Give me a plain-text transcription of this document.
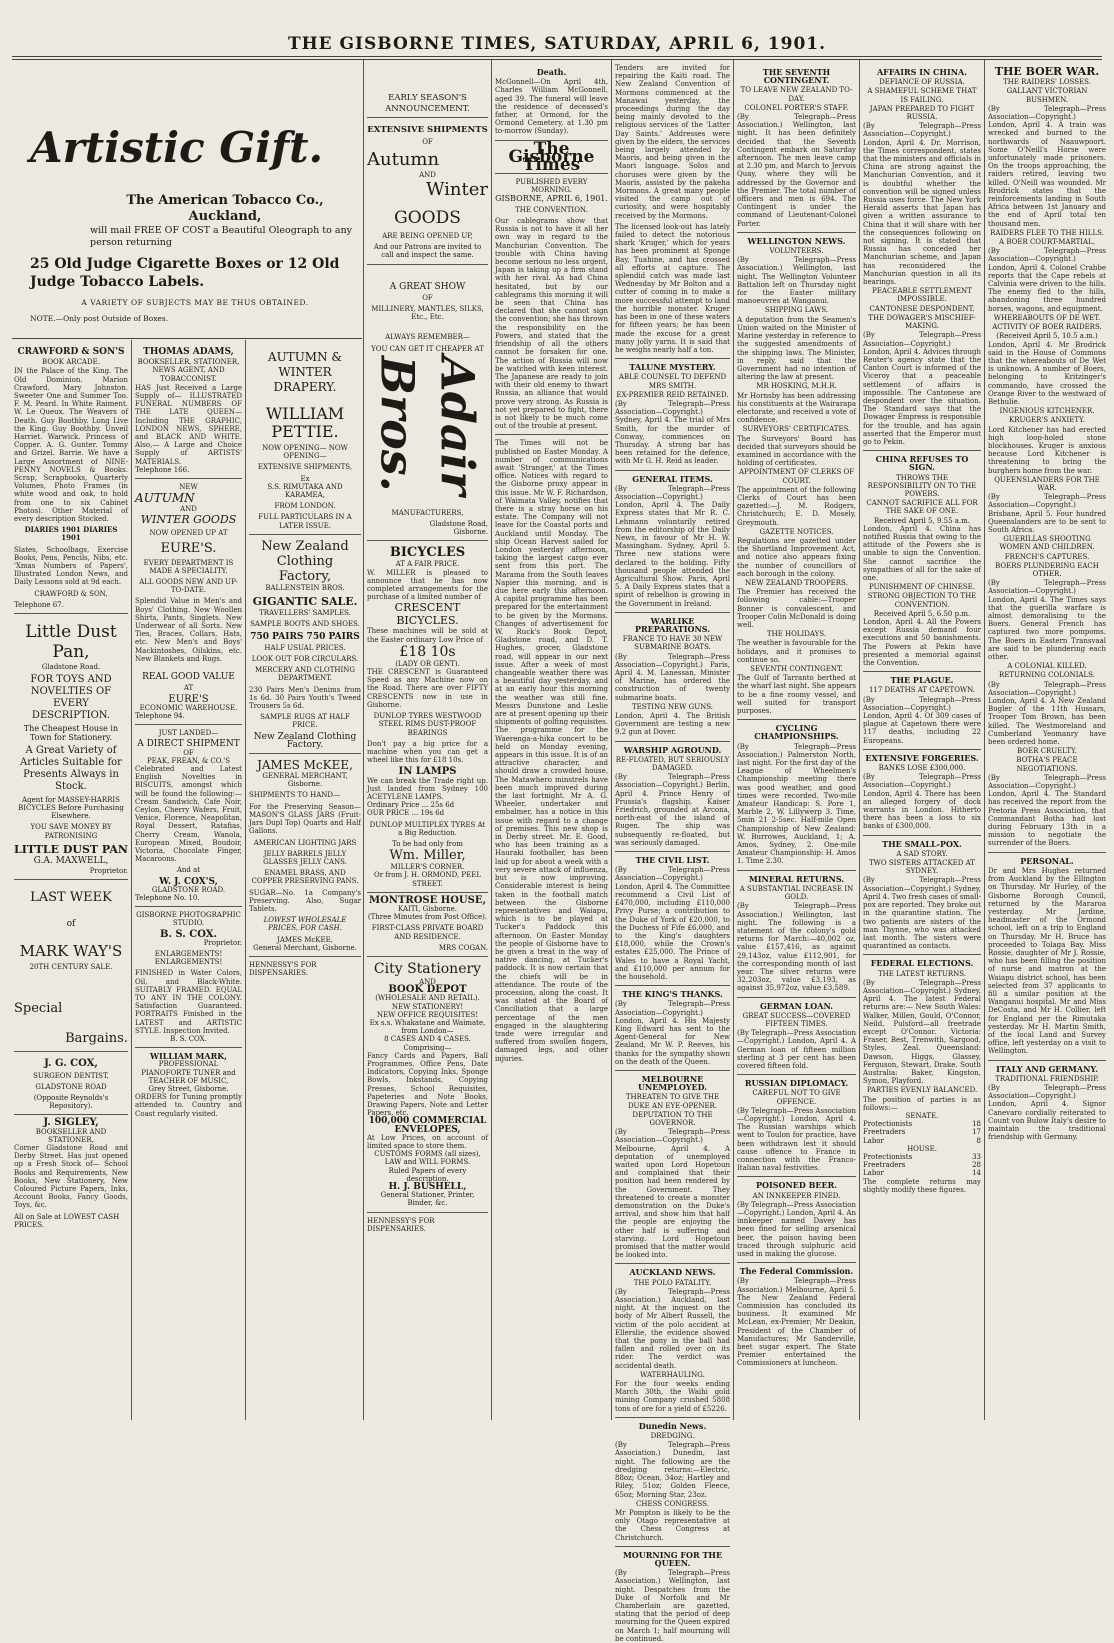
THE GISBORNE TIMES, SATURDAY, APRIL 6, 1901.
Artistic Gift.
The American Tobacco Co., Auckland,
will mail FREE OF COST a Beautiful Oleograph to any person returning
25 Old Judge Cigarette Boxes or 12 Old Judge Tobacco Labels.
A VARIETY OF SUBJECTS MAY BE THUS OBTAINED.
NOTE.—Only post Outside of Boxes.
CRAWFORD & SON'S
BOOK ARCADE.
IN the Palace of the King. The Old Dominion. Marion Crawford. Mary Johnston. Sweeter One and Summer Too. F. M. Peard. In White Raiment. W. Le Queux. The Weavers of Death. Guy Boothby. Long Live the King. Guy Boothby. Unveil Harriet. Warwick. Princess of Copper. A. G. Gunter. Tommy and Grizel. Barrie. We have a Large Assortment of NINE-PENNY NOVELS & Books. Scrap, Scrapbooks, Quarterly Volumes, Photo Frames (in white wood and oak, to hold from one to six Cabinet Photos). Other Material of every description Stocked.
DIARIES 1901 DIARIES 1901
Slates, Schoolbags, Exercise Books, Pens, Pencils, Nibs, etc. 'Xmas Numbers of Papers', Illustrated London News, and Daily Lessons sold at 9d each.
CRAWFORD & SON,
Telephone 67.
Little Dust Pan,
Gladstone Road.
FOR TOYS AND NOVELTIES OF EVERY DESCRIPTION.
The Cheapest House in Town for Stationery.
A Great Variety of Articles Suitable for Presents Always in Stock.
Agent for MASSEY-HARRIS BICYCLES Before Purchasing Elsewhere.
YOU SAVE MONEY BY PATRONISING
LITTLE DUST PAN
G.A. MAXWELL,
Proprietor.
LAST WEEK
of
MARK WAY'S
20TH CENTURY SALE.
Special
Bargains.
J. G. COX,
SURGEON DENTIST,
GLADSTONE ROAD
(Opposite Reynolds's Repository).
J. SIGLEY,
BOOKSELLER AND STATIONER,
Corner Gladstone Road and Derby Street. Has just opened up a Fresh Stock of— School Books and Requirements, New Books, New Stationery, New Coloured Picture Papers, Inks, Account Books, Fancy Goods, Toys, &c.
All on Sale at LOWEST CASH PRICES.
THOMAS ADAMS,
BOOKSELLER, STATIONER, NEWS AGENT, AND TOBACCONIST.
HAS Just Received a Large Supply of— ILLUSTRATED FUNERAL NUMBERS OF THE LATE QUEEN— Including THE GRAPHIC, LONDON NEWS, SPHERE, and BLACK AND WHITE. Also,— A Large and Choice Supply of ARTISTS' MATERIALS.
Telephone 166.
NEW
AUTUMN
AND
WINTER GOODS
NOW OPENED UP AT
EURE'S.
EVERY DEPARTMENT IS MADE A SPECIALITY.
ALL GOODS NEW AND UP-TO-DATE.
Splendid Value in Men's and Boys' Clothing. New Woollen Shirts, Pants, Singlets. New Underwear of all Sorts. New Ties, Braces, Collars, Hats, etc. New Men's and Boys' Mackintoshes, Oilskins, etc. New Blankets and Rugs.
REAL GOOD VALUE
AT
EURE'S
ECONOMIC WAREHOUSE.
Telephone 94.
JUST LANDED—
A DIRECT SHIPMENT
OF
PEAK, FREAN, & CO.'S
Celebrated and Latest English Novelties in BISCUITS, amongst which will be found the following:— Cream Sandwich, Cafe Noir, Ceylon, Cherry Wafers, Fruit, Venice, Florence, Neapolitan, Royal Dessert, Ratafias, Cherry Cream, Wanola, European Mixed, Boudoir, Victoria, Chocolate Finger, Macaroons.
And at
W. J. COX'S,
GLADSTONE ROAD.
Telephone No. 10.
GISBORNE PHOTOGRAPHIC STUDIO.
B. S. COX.
Proprietor.
ENLARGEMENTS! ENLARGEMENTS!
FINISHED in Water Colors, Oil, and Black-White. SUITABLY FRAMED. EQUAL TO ANY IN THE COLONY. Satisfaction Guaranteed. PORTRAITS Finished in the LATEST and ARTISTIC STYLE. Inspection Invited.
B. S. COX.
WILLIAM MARK,
PROFESSIONAL PIANOFORTE TUNER and TEACHER OF MUSIC,
Grey Street, Gisborne.
ORDERS for Tuning promptly attended to. Country and Coast regularly visited.
AUTUMN & WINTER DRAPERY.
WILLIAM
PETTIE.
NOW OPENING— NOW OPENING—
EXTENSIVE SHIPMENTS,
Ex
S.S. RIMUTAKA AND KARAMEA,
FROM LONDON.
FULL PARTICULARS IN A LATER ISSUE.
New Zealand Clothing Factory,
BALLENSTEIN BROS.
GIGANTIC SALE.
TRAVELLERS' SAMPLES.
SAMPLE BOOTS AND SHOES.
750 PAIRS 750 PAIRS
HALF USUAL PRICES.
LOOK OUT FOR CIRCULARS.
MERCERY AND CLOTHING DEPARTMENT.
230 Pairs Men's Denims from 1s 6d. 30 Pairs Youth's Tweed Trousers 5s 6d.
SAMPLE RUGS AT HALF PRICE.
New Zealand Clothing Factory.
JAMES McKEE,
GENERAL MERCHANT,
Gisborne.
SHIPMENTS TO HAND—
For the Preserving Season— MASON'S GLASS JARS (Fruit-Jars Dupl Top) Quarts and Half Gallons.
AMERICAN LIGHTING JARS
JELLY BARRELS JELLY GLASSES JELLY CANS.
ENAMEL BRASS, AND COPPER PRESERVING PANS.
SUGAR—No. 1a Company's Preserving. Also, Sugar Tablets.
LOWEST WHOLESALE PRICES, FOR CASH.
JAMES McKEE,
General Merchant, Gisborne.
HENNESSY'S FOR DISPENSARIES.
EARLY SEASON'S
ANNOUNCEMENT.
EXTENSIVE SHIPMENTS
OF
Autumn
AND
Winter
GOODS
ARE BEING OPENED UP,
And our Patrons are invited to call and inspect the same.
A GREAT SHOW
OF
MILLINERY, MANTLES, SILKS, Etc., Etc.
ALWAYS REMEMBER—
YOU CAN GET IT CHEAPER AT
Adair Bros.
MANUFACTURERS,
Gladstone Road,
Gisborne.
BICYCLES
AT A FAIR PRICE.
W. MILLER is pleased to announce that he has now completed arrangements for the purchase of a limited number of
CRESCENT BICYCLES.
These machines will be sold at the Easter ordinary Low Price of
£18 10s
(LADY OR GENT).
THE CRESCENT is Guaranteed Speed as any Machine now on the Road. There are over FIFTY CRESCENTS now in use in Gisborne.
DUNLOP TYRES WESTWOOD STEEL RIMS DUST-PROOF BEARINGS
Don't pay a big price for a machine when you can get a wheel like this for £18 10s.
IN LAMPS
We can break the Trade right up. Just landed from Sydney 100 ACETYLENE LAMPS.
Ordinary Price ... 25s 6d
OUR PRICE ... 19s 6d
DUNLOP MULTIPLEX TYRES At a Big Reduction.
To be had only from
Wm. Miller,
MILLER'S CORNER.
Or from J. H. ORMOND, PEEL STREET.
MONTROSE HOUSE,
KAITI, Gisborne.
(Three Minutes from Post Office).
FIRST-CLASS PRIVATE BOARD AND RESIDENCE.
MRS COGAN.
City Stationery
AND
BOOK DEPOT
(WHOLESALE AND RETAIL).
NEW STATIONERY!
NEW OFFICE REQUISITES!
Ex s.s. Whakatane and Waimate, from London—
8 CASES AND 4 CASES.
Comprising—
Fancy Cards and Papers, Ball Programmes, Office Pens, Date Indicators, Copying Inks, Sponge Bowls, Inkstands, Copying Presses, School Requisites, Papeteries and Note Books, Drawing Papers, Note and Letter Papers, etc.
100,000 COMMERCIAL ENVELOPES,
At Low Prices, on account of limited space to store them.
CUSTOMS FORMS (all sizes), LAW and WILL FORMS.
Ruled Papers of every description.
H. J. BUSHELL,
General Stationer, Printer, Binder, &c.
HENNESSY'S FOR DISPENSARIES.
Death.
McGonnell—On April 4th, Charles William McGonnell, aged 39. The funeral will leave the residence of deceased's father, at Ormond, for the Ormond Cemetery, at 1.30 pm to-morrow (Sunday).
The Gisborne Times
PUBLISHED EVERY MORNING.
GISBORNE, APRIL 6, 1901.
THE CONVENTION.
Our cablegrams show that Russia is not to have it all her own way in regard to the Manchurian Convention. The trouble with China having become serious no less urgent, Japan is taking up a firm stand with her rival. As had China hesitated, but by our cablegrams this morning it will be seen that China has declared that she cannot sign the convention; she has thrown the responsibility on the Powers, and stated that the friendship of all the others cannot be forsaken for one. The action of Russia will now be watched with keen interest. The Japanese are ready to join with their old enemy to thwart Russia, an alliance that would prove very strong. As Russia is not yet prepared to fight, there is not likely to be much come out of the trouble at present.
The Times will not be published on Easter Monday. A number of communications await 'Stranger,' at the Times office. Notices with regard to the Gisborne proxy appear in this issue. Mr W. F. Richardson, of Waimata Valley, notifies that there is a stray horse on his estate. The Company will not leave for the Coastal ports and Auckland until Monday. The ship Ocean Harvest sailed for London yesterday afternoon, taking the largest cargo ever sent from this port. The Marama from the South leaves Napier this morning, and is due here early this afternoon. A capital programme has been prepared for the entertainment to be given by the Mormons. Changes of advertisement for W. Ruck's Book Depot, Gladstone road, and D. T. Hughes, grocer, Gladstone road, will appear in our next issue. After a week of most changeable weather there was a beautiful day yesterday, and at an early hour this morning the weather was still fine. Messrs Dunstone and Leslie are at present opening up their shipments of golfing requisites. The programme for the Waerenga-a-hika concert to be held on Monday evening, appears in this issue. It is of an attractive character, and should draw a crowded house. The Matawhero minstrels have been much improved during the last fortnight. Mr A. G. Wheeler, undertaker and embalmer, has a notice in this issue with regard to a change of premises. This new shop is in Derby street. Mr. E. Good, who has been training as a Hauraki footballer, has been laid up for about a week with a very severe attack of influenza, but is now improving. Considerable interest is being taken in the football match between the Gisborne representatives and Waiapu, which is to be played at Tucker's Paddock this afternoon. On Easter Monday the people of Gisborne have to be given a treat in the way of native dancing, at Tucker's paddock. It is now certain that the chiefs will be in attendance. The route of the procession, along the coast. It was stated at the Board of Conciliation that a large percentage of the men engaged in the slaughtering trade were irregular and suffered from swollen fingers, damaged legs, and other injuries.
Tenders are invited for repairing the Kaiti road. The New Zealand Convention of Mormons commenced at the Manawai yesterday, the proceedings during the day being mainly devoted to the religious services of the 'Latter Day Saints.' Addresses were given by the elders, the services being largely attended by Maoris, and being given in the Maori language. Solos and choruses were given by the Maoris, assisted by the pakeha Mormons. A great many people visited the camp out of curiosity, and were hospitably received by the Mormons.
The licensed look-out has lately failed to detect the notorious shark 'Kruger,' which for years has been prominent at Sponge Bay, Tuahine, and has crossed all efforts at capture. The splendid catch was made last Wednesday by Mr Bolton and a cutter of coming in to make a more successful attempt to land the horrible monster. Kruger has been in one of these waters for fifteen years; he has been made the excuse for a great many jolly yarns. It is said that he weighs nearly half a ton.
TALUNE MYSTERY.
ABLE COUNSEL TO DEFEND MRS SMITH.
EX-PREMIER REID RETAINED.
(By Telegraph—Press Association—Copyright.) Sydney, April 4. The trial of Mrs Smith, for the murder of Conway, commences on Thursday. A strong bar has been retained for the defence, with Mr G. H. Reid as leader.
GENERAL ITEMS.
(By Telegraph—Press Association—Copyright.) London, April 4. The Daily Express states that Mr R. C. Lehmann voluntarily retired from the editorship of the Daily News, in favour of Mr H. W. Massingham. Sydney, April 5. Three new stations were declared to the holding. Fifty thousand people attended the Agricultural Show. Paris, April 5. A Daily Express states that a spirit of rebellion is growing in the Government in Ireland.
WARLIKE PREPARATIONS.
FRANCE TO HAVE 30 NEW SUBMARINE BOATS.
(By Telegraph—Press Association—Copyright.) Paris, April 4. M. Lanessan, Minister of Marine, has ordered the construction of twenty submarine boats.
TESTING NEW GUNS.
London, April 4. The British Government are testing a new 9.2 gun at Dover.
WARSHIP AGROUND.
RE-FLOATED, BUT SERIOUSLY DAMAGED.
(By Telegraph—Press Association—Copyright.) Berlin, April 4. Prince Henry of Prussia's flagship, Kaiser Friedrich, grounded at Arcona, north-east of the island of Rugen. The ship was subsequently re-floated, but was seriously damaged.
THE CIVIL LIST.
(By Telegraph—Press Association—Copyright.) London, April 4. The Committee recommend a Civil List of £470,000, including £110,000 Privy Purse; a contribution to the Duke of York of £20,000, to the Duchess of Fife £6,000, and to the King's daughters £18,000, while the Crown's estates £25,000. The Prince of Wales to have a Royal Yacht, and £110,000 per annum for the household.
THE KING'S THANKS.
(By Telegraph—Press Association—Copyright.) London, April 4. His Majesty King Edward has sent to the Agent-General for New Zealand, Mr W. P. Reeves, his thanks for the sympathy shown on the death of the Queen.
MELBOURNE UNEMPLOYED.
THREATEN TO GIVE THE DUKE AN EYE-OPENER.
DEPUTATION TO THE GOVERNOR.
(By Telegraph—Press Association—Copyright.) Melbourne, April 4. A deputation of unemployed waited upon Lord Hopetoun and complained that their position had been rendered by the Government. They threatened to create a monster demonstration on the Duke's arrival, and show him that half the people are enjoying the other half is suffering and starving. Lord Hopetoun promised that the matter would be looked into.
AUCKLAND NEWS.
THE POLO FATALITY.
(By Telegraph—Press Association.) Auckland, last night. At the inquest on the body of Mr Albert Russell, the victim of the polo accident at Ellerslie, the evidence showed that the pony in the ball had fallen and rolled over on its rider. The verdict was accidental death.
WATERHAULING.
For the four weeks ending March 30th, the Waihi gold mining Company crushed 5808 tons of ore for a yield of £5226.
Dunedin News.
DREDGING.
(By Telegraph—Press Association.) Dunedin, last night. The following are the dredging returns:—Electric, 88oz; Ocean, 34oz; Hartley and Riley, 51oz; Golden Fleece, 65oz; Morning Star, 23oz.
CHESS CONGRESS.
Mr Pompton is likely to be the only Otago representative at the Chess Congress at Christchurch.
MOURNING FOR THE QUEEN.
(By Telegraph—Press Association.) Wellington, last night. Despatches from the Duke of Norfolk and Mr Chamberlain are gazetted, stating that the period of deep mourning for the Queen expired on March 1; half mourning will be continued.
THE SEVENTH CONTINGENT.
TO LEAVE NEW ZEALAND TO-DAY.
COLONEL PORTER'S STAFF.
(By Telegraph—Press Association.) Wellington, last night. It has been definitely decided that the Seventh Contingent embark on Saturday afternoon. The men leave camp at 2.30 pm, and March to Jervois Quay, where they will be addressed by the Governor and the Premier. The total number of officers and men is 694. The Contingent is under the command of Lieutenant-Colonel Porter.
WELLINGTON NEWS.
VOLUNTEERS.
(By Telegraph—Press Association.) Wellington, last night. The Wellington Volunteer Battalion left on Thursday night for the Easter military manoeuvres at Wanganui.
SHIPPING LAWS.
A deputation from the Seamen's Union waited on the Minister of Marine yesterday in reference to the suggested amendments of the shipping laws. The Minister, in reply, said that the Government had no intention of altering the law at present.
MR HOSKING, M.H.R.
Mr Hornsby has been addressing his constituents at the Wairarapa electorate, and received a vote of confidence.
SURVEYORS' CERTIFICATES.
The Surveyors' Board has decided that surveyors should be examined in accordance with the holding of certificates.
APPOINTMENT OF CLERKS OF COURT.
The appointment of the following Clerks of Court has been gazetted:—J. M. Rodgers, Christchurch; E. D. Mosely, Greymouth.
GAZETTE NOTICES.
Regulations are gazetted under the Shortland Improvement Act, and notice also appears fixing the number of councillors of each borough in the colony.
NEW ZEALAND TROOPERS.
The Premier has received the following cable:—Trooper Bonner is convalescent, and Trooper Colin McDonald is doing well.
THE HOLIDAYS.
The weather is favourable for the holidays, and it promises to continue so.
SEVENTH CONTINGENT.
The Gulf of Tarranto berthed at the wharf last night. She appears to be a fine roomy vessel, and well suited for transport purposes.
CYCLING CHAMPIONSHIPS.
(By Telegraph—Press Association.) Palmerston North, last night. For the first day of the League of Wheelmen's Championship meeting there was good weather, and good times were recorded. Two-mile Amateur Handicap: S. Pore 1, Marble 2, W. Lillywerp 3. Time, 5min 21 2-5sec. Half-mile Open Championship of New Zealand: W. Burrowes, Auckland, 1; A. Amos, Sydney, 2. One-mile Amateur Championship: H. Amos 1. Time 2.30.
MINERAL RETURNS.
A SUBSTANTIAL INCREASE IN GOLD.
(By Telegraph—Press Association.) Wellington, last night. The following is a statement of the colony's gold returns for March:—40,002 oz, value £157,416, as against 29,143oz, value £112,901, for the corresponding month of last year. The silver returns were 32,203oz, value £3,193, as against 35,972oz, value £3,589.
GERMAN LOAN.
GREAT SUCCESS—COVERED FIFTEEN TIMES.
(By Telegraph—Press Association—Copyright.) London, April 4. A German loan of fifteen million sterling at 3 per cent has been covered fifteen fold.
RUSSIAN DIPLOMACY.
CAREFUL NOT TO GIVE OFFENCE.
(By Telegraph—Press Association—Copyright.) London, April 4. The Russian warships which went to Toulon for practice, have been withdrawn lest it should cause offence to France in connection with the Franco-Italian naval festivities.
POISONED BEER.
AN INNKEEPER FINED.
(By Telegraph—Press Association—Copyright.) London, April 4. An innkeeper named Davey has been fined for selling arsenical beer, the poison having been traced through sulphuric acid used in making the glucose.
The Federal Commission.
(By Telegraph—Press Association.) Melbourne, April 5. The New Zealand Federal Commission has concluded its business. It examined Mr McLean, ex-Premier; Mr Deakin, President of the Chamber of Manufactures; Mr Sanderville, beet sugar expert. The State Premier entertained the Commissioners at luncheon.
AFFAIRS IN CHINA.
DEFIANCE OF RUSSIA.
A SHAMEFUL SCHEME THAT IS FAILING.
JAPAN PREPARED TO FIGHT RUSSIA.
(By Telegraph—Press Association—Copyright.) London, April 4. Dr. Morrison, the Times correspondent, states that the ministers and officials in China are strong against the Manchurian Convention, and it is doubtful whether the convention will be signed unless Russia uses force. The New York Herald asserts that Japan has given a written assurance to China that it will share with her the consequences following on not signing. It is stated that Russia has conceded her Manchurian scheme, and Japan has reconsidered the Manchurian question in all its bearings.
PEACEABLE SETTLEMENT IMPOSSIBLE.
CANTONESE DESPONDENT.
THE DOWAGER'S MISCHIEF-MAKING.
(By Telegraph—Press Association—Copyright.) London, April 4. Advices through Reuter's agency state that the Canton Court is informed of the Viceroy that a peaceable settlement of affairs is impossible. The Cantonese are despondent over the situation. The Standard says that the Dowager Empress is responsible for the trouble, and has again asserted that the Emperor must go to Pekin.
CHINA REFUSES TO SIGN.
THROWS THE RESPONSIBILITY ON TO THE POWERS.
CANNOT SACRIFICE ALL FOR THE SAKE OF ONE.
Received April 5, 9.55 a.m.
London, April 4. China has notified Russia that owing to the attitude of the Powers she is unable to sign the Convention. She cannot sacrifice the sympathies of all for the sake of one.
PUNISHMENT OF CHINESE.
STRONG OBJECTION TO THE CONVENTION.
Received April 5, 6.50 p.m.
London, April 4. All the Powers except Russia demand four executions and 50 banishments. The Powers at Pekin have presented a memorial against the Convention.
THE PLAGUE.
117 DEATHS AT CAPETOWN.
(By Telegraph—Press Association—Copyright.) London, April 4. Of 309 cases of plague at Capetown there were 117 deaths, including 22 Europeans.
EXTENSIVE FORGERIES.
BANKS LOSE £300,000.
(By Telegraph—Press Association—Copyright.) London, April 4. There has been an alleged forgery of dock warrants in London. Hitherto there has been a loss to six banks of £300,000.
THE SMALL-POX.
A SAD STORY.
TWO SISTERS ATTACKED AT SYDNEY.
(By Telegraph—Press Association—Copyright.) Sydney, April 4. Two fresh cases of small-pox are reported. They broke out in the quarantine station. The two patients are sisters of the man Thynne, who was attacked last month. The sisters were quarantined as contacts.
FEDERAL ELECTIONS.
THE LATEST RETURNS.
(By Telegraph—Press Association—Copyright.) Sydney, April 4. The latest Federal returns are:— New South Wales: Walker, Millen, Gould, O'Connor, Neild, Pulsford—all freetrade except O'Connor. Victoria: Fraser, Best, Trenwith, Sargood, Styles, Zeal. Queensland: Dawson, Higgs, Glassey, Ferguson, Stewart, Drake. South Australia: Baker, Kingston, Symon, Playford.
PARTIES EVENLY BALANCED.
The position of parties is as follows:—
SENATE.
Protectionists	18
Freetraders	17
Labor	8
HOUSE.
Protectionists	33
Freetraders	28
Labor	14
The complete returns may slightly modify these figures.
THE BOER WAR.
THE RAIDERS' LOSSES.
GALLANT VICTORIAN BUSHMEN.
(By Telegraph—Press Association—Copyright.) London, April 4. A train was wrecked and burned to the northwards of Naauwpoort. Some O'Neill's Horse were unfortunately made prisoners. On the troops approaching, the raiders retired, leaving two killed. O'Neill was wounded. Mr Brodrick states that the reinforcements landing in South Africa between 1st January and the end of April total ten thousand men.
RAIDERS FLEE TO THE HILLS.
A BOER COURT-MARTIAL.
(By Telegraph—Press Association—Copyright.) London, April 4. Colonel Crabbe reports that the Cape rebels at Calvinia were driven to the hills. The enemy fled to the hills, abandoning three hundred horses, wagons, and equipment.
WHEREABOUTS OF DE WET.
ACTIVITY OF BOER RAIDERS.
(Received April 5, 10.5 a.m.)
London, April 4. Mr Brodrick said in the House of Commons that the whereabouts of De Wet is unknown. A number of Boers, belonging to Kritzinger's commando, have crossed the Orange River to the westward of Bethulie.
INGENIOUS KITCHENER.
KRUGER'S ANXIETY.
Lord Kitchener has had erected high loop-holed stone blockhouses. Kruger is anxious because Lord Kitchener is threatening to bring the burghers home from the war.
QUEENSLANDERS FOR THE WAR.
(By Telegraph—Press Association—Copyright.) Brisbane, April 5. Four hundred Queenslanders are to be sent to South Africa.
GUERILLAS SHOOTING WOMEN AND CHILDREN.
FRENCH'S CAPTURES.
BOERS PLUNDERING EACH OTHER.
(By Telegraph—Press Association—Copyright.) London, April 4. The Times says that the guerilla warfare is almost demoralising to the Boers. General French has captured two more pompoms. The Boers in Eastern Transvaal are said to be plundering each other.
A COLONIAL KILLED.
RETURNING COLONIALS.
(By Telegraph—Press Association—Copyright.) London, April 4. A New Zealand Bugler of the 11th Hussars, Trooper Tom Brown, has been killed. The Westmoreland and Cumberland Yeomanry have been ordered home.
BOER CRUELTY.
BOTHA'S PEACE NEGOTIATIONS.
(By Telegraph—Press Association—Copyright.) London, April 4. The Standard has received the report from the Pretoria Press Association, that Commandant Botha had lost during February 13th in a mission to negotiate the surrender of the Boers.
PERSONAL.
Dr and Mrs Hughes returned from Auckland by the Ellington on Thursday. Mr Hurley, of the Gisborne Borough Council, returned by the Mararoa yesterday. Mr Jardine, headmaster of the Ormond school, left on a trip to England on Thursday. Mr H. Bruce has proceeded to Tolaga Bay. Miss Rossie, daughter of Mr J. Rossie, who has been filling the position of nurse and matron at the Waiapu district school, has been selected from 37 applicants to fill a similar position at the Wanganui hospital. Mr and Miss DeCosta, and Mr H. Collier, left for England per the Rimutaka yesterday. Mr H. Martin Smith, of the local Land and Survey office, left yesterday on a visit to Wellington.
ITALY AND GERMANY.
TRADITIONAL FRIENDSHIP.
(By Telegraph—Press Association—Copyright.) London, April 4. Signor Canevaro cordially reiterated to Count von Bulow Italy's desire to maintain the traditional friendship with Germany.
